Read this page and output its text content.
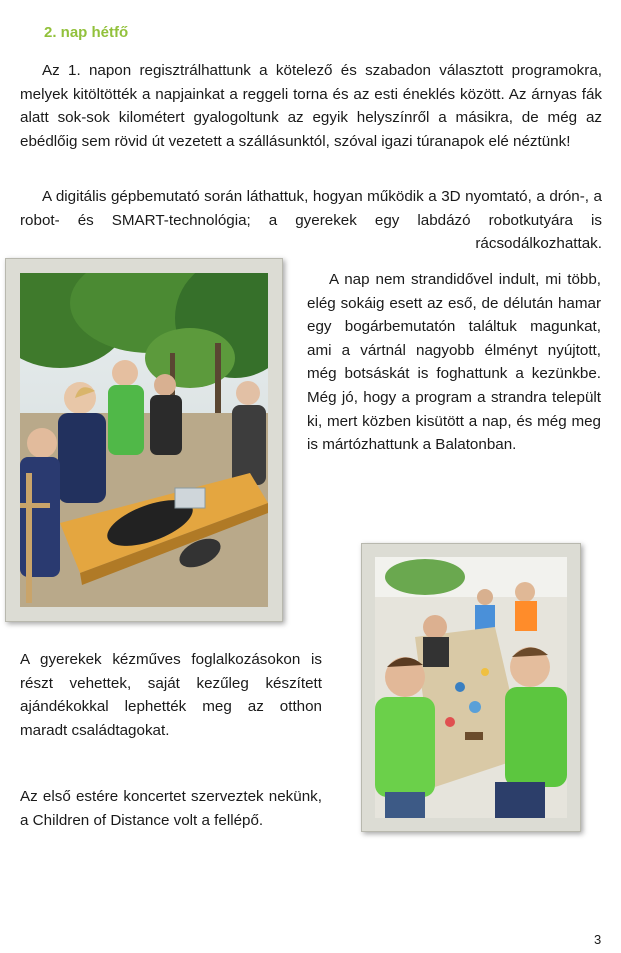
2. nap hétfő

Az 1. napon regisztrálhattunk a kötelező és szabadon választott programokra, melyek kitöltötték a napjainkat a reggeli torna és az esti éneklés között. Az árnyas fák alatt sok-sok kilométert gyalogoltunk az egyik helyszínről a másikra, de még az ebédlőig sem rövid út vezetett a szállásunktól, szóval igazi túranapok elé néztünk!

A digitális gépbemutató során láthattuk, hogyan működik a 3D nyomtató, a drón-, a robot- és SMART-technológia; a gyerekek egy labdázó robotkutyára is rácsodálkozhattak.

A nap nem strandidővel indult, mi több, elég sokáig esett az eső, de délután hamar egy bogárbemutatón találtuk magunkat, ami a vártnál nagyobb élményt nyújtott, még botsáskát is foghattunk a kezünkbe. Még jó, hogy a program a strandra települt ki, mert közben kisütött a nap, és még meg is mártózhattunk a Balatonban.

A gyerekek kézműves foglalkozásokon is részt vehettek, saját kezűleg készített ajándékokkal lephették meg az otthon maradt családtagokat.

Az első estére koncertet szerveztek nekünk, a Children of Distance volt a fellépő.

3
